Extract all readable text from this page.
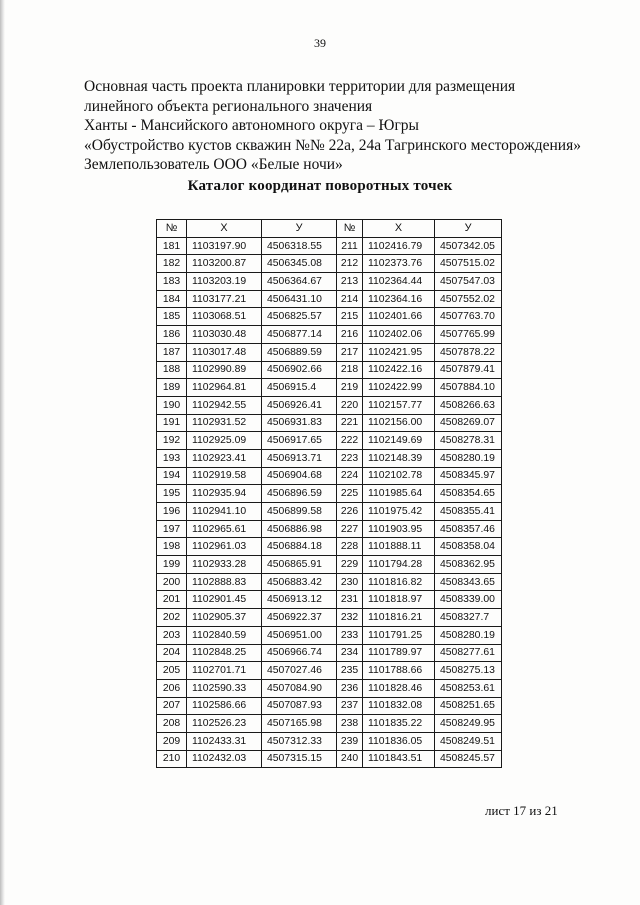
39
Основная часть проекта планировки территории для размещения
линейного объекта регионального значения
Ханты - Мансийского автономного округа – Югры
«Обустройство кустов скважин №№ 22а, 24а Тагринского месторождения»
Землепользователь ООО «Белые ночи»
Каталог координат поворотных точек
№	X	У	№	X	У
181	1103197.90	4506318.55	211	1102416.79	4507342.05
182	1103200.87	4506345.08	212	1102373.76	4507515.02
183	1103203.19	4506364.67	213	1102364.44	4507547.03
184	1103177.21	4506431.10	214	1102364.16	4507552.02
185	1103068.51	4506825.57	215	1102401.66	4507763.70
186	1103030.48	4506877.14	216	1102402.06	4507765.99
187	1103017.48	4506889.59	217	1102421.95	4507878.22
188	1102990.89	4506902.66	218	1102422.16	4507879.41
189	1102964.81	4506915.4	219	1102422.99	4507884.10
190	1102942.55	4506926.41	220	1102157.77	4508266.63
191	1102931.52	4506931.83	221	1102156.00	4508269.07
192	1102925.09	4506917.65	222	1102149.69	4508278.31
193	1102923.41	4506913.71	223	1102148.39	4508280.19
194	1102919.58	4506904.68	224	1102102.78	4508345.97
195	1102935.94	4506896.59	225	1101985.64	4508354.65
196	1102941.10	4506899.58	226	1101975.42	4508355.41
197	1102965.61	4506886.98	227	1101903.95	4508357.46
198	1102961.03	4506884.18	228	1101888.11	4508358.04
199	1102933.28	4506865.91	229	1101794.28	4508362.95
200	1102888.83	4506883.42	230	1101816.82	4508343.65
201	1102901.45	4506913.12	231	1101818.97	4508339.00
202	1102905.37	4506922.37	232	1101816.21	4508327.7
203	1102840.59	4506951.00	233	1101791.25	4508280.19
204	1102848.25	4506966.74	234	1101789.97	4508277.61
205	1102701.71	4507027.46	235	1101788.66	4508275.13
206	1102590.33	4507084.90	236	1101828.46	4508253.61
207	1102586.66	4507087.93	237	1101832.08	4508251.65
208	1102526.23	4507165.98	238	1101835.22	4508249.95
209	1102433.31	4507312.33	239	1101836.05	4508249.51
210	1102432.03	4507315.15	240	1101843.51	4508245.57
лист 17 из 21
